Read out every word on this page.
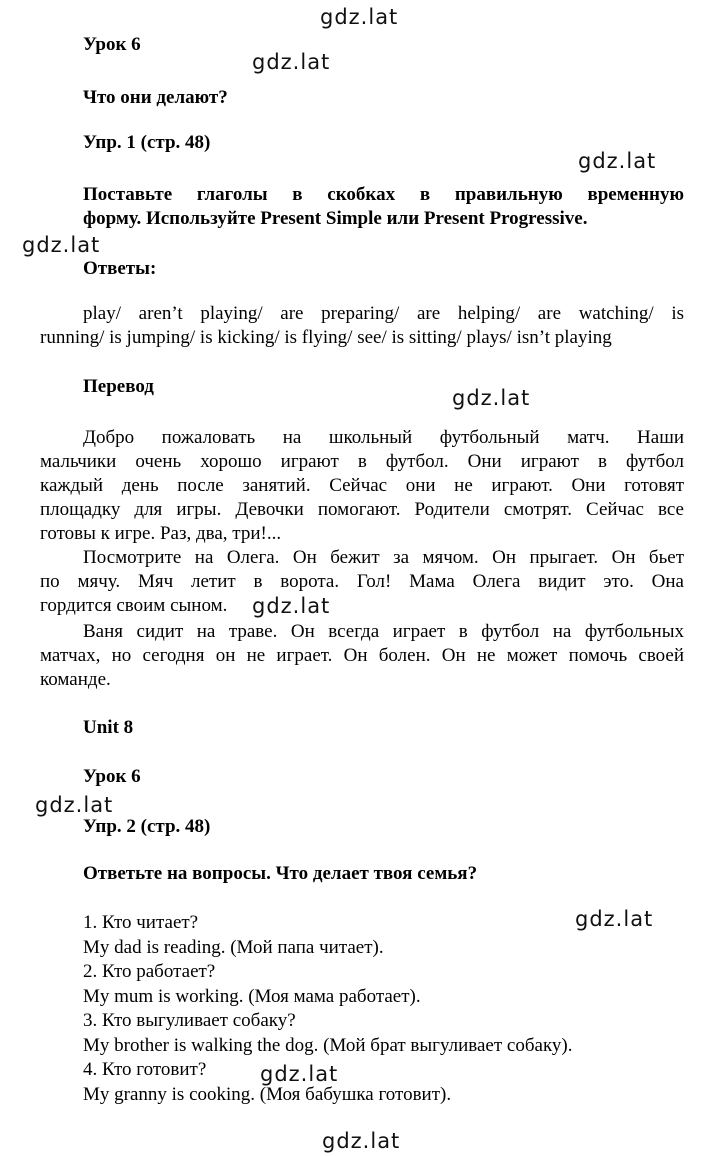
Урок 6

Что они делают?

Упр. 1 (стр. 48)

Поставьте глаголы в скобках в правильную временную
форму. Используйте Present Simple или Present Progressive.

Ответы:

play/ aren’t playing/ are preparing/ are helping/ are watching/ is
running/ is jumping/ is kicking/ is flying/ see/ is sitting/ plays/ isn’t playing

Перевод

Добро пожаловать на школьный футбольный матч. Наши
мальчики очень хорошо играют в футбол. Они играют в футбол
каждый день после занятий. Сейчас они не играют. Они готовят
площадку для игры. Девочки помогают. Родители смотрят. Сейчас все
готовы к игре. Раз, два, три!...
Посмотрите на Олега. Он бежит за мячом. Он прыгает. Он бьет
по мячу. Мяч летит в ворота. Гол! Мама Олега видит это. Она
гордится своим сыном.
Ваня сидит на траве. Он всегда играет в футбол на футбольных
матчах, но сегодня он не играет. Он болен. Он не может помочь своей
команде.

Unit 8

Урок 6

Упр. 2 (стр. 48)

Ответьте на вопросы. Что делает твоя семья?

1. Кто читает?

My dad is reading. (Мой папа читает).

2. Кто работает?

My mum is working. (Моя мама работает).

3. Кто выгуливает собаку?

My brother is walking the dog. (Мой брат выгуливает собаку).

4. Кто готовит?

My granny is cooking. (Моя бабушка готовит).

gdz.lat
gdz.lat
gdz.lat
gdz.lat
gdz.lat
gdz.lat
gdz.lat
gdz.lat
gdz.lat
gdz.lat
